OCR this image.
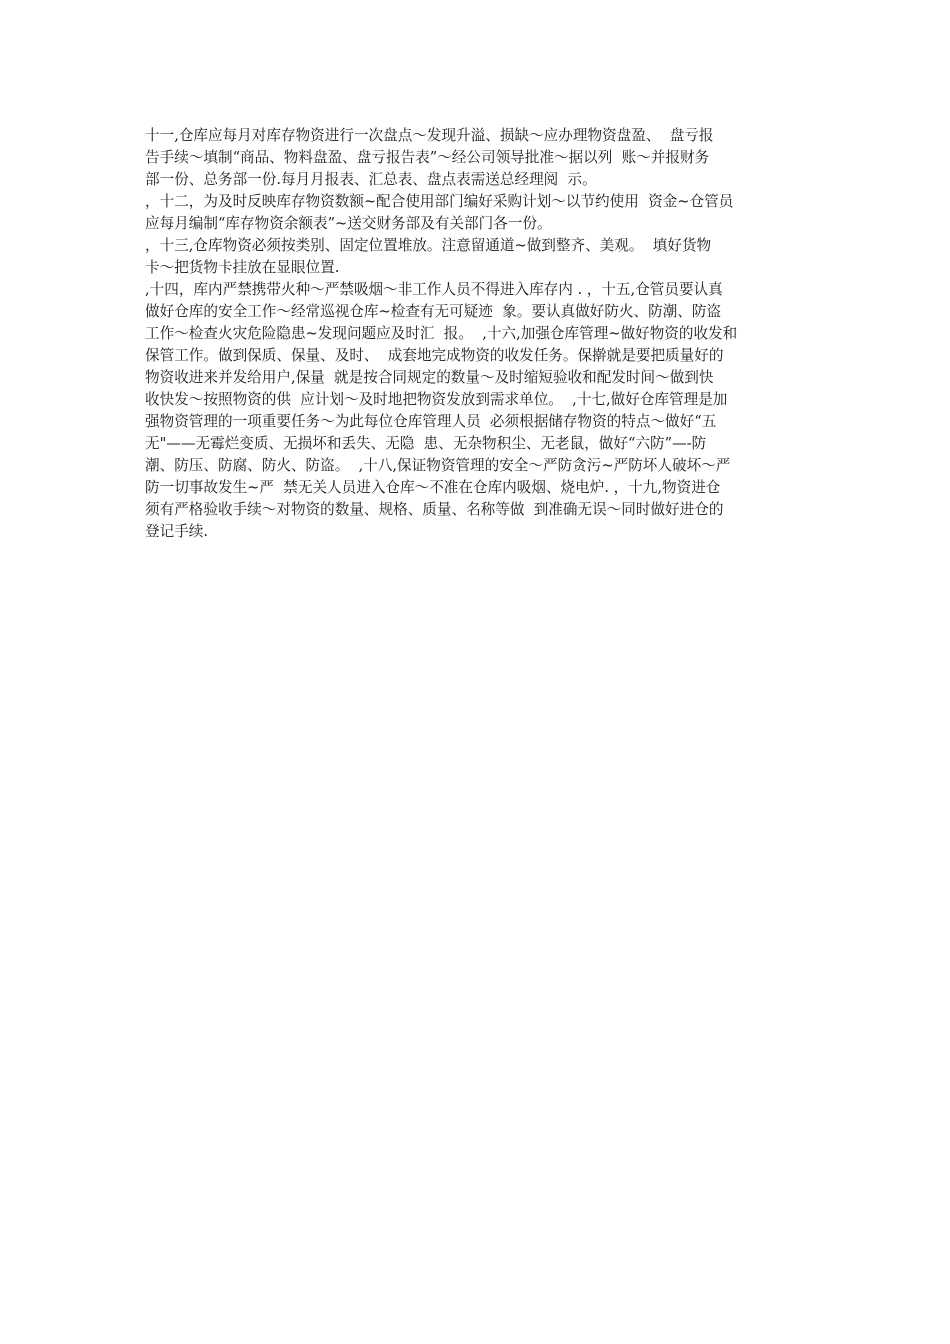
十一,仓库应每月对库存物资进行一次盘点～发现升溢、损缺～应办理物资盘盈、  盘亏报

告手续～填制“商品、物料盘盈、盘亏报告表”～经公司领导批准～据以列  账～并报财务

部一份、总务部一份.每月月报表、汇总表、盘点表需送总经理阅  示。

，十二，为及时反映库存物资数额~配合使用部门编好采购计划～以节约使用  资金~仓管员

应每月编制“库存物资余额表”~送交财务部及有关部门各一份。

，十三,仓库物资必须按类别、固定位置堆放。注意留通道~做到整齐、美观。  填好货物

卡～把货物卡挂放在显眼位置.

,十四，库内严禁携带火种～严禁吸烟～非工作人员不得进入库存内 . ，十五,仓管员要认真

做好仓库的安全工作～经常巡视仓库~检查有无可疑迹  象。要认真做好防火、防潮、防盗

工作～检查火灾危险隐患~发现问题应及时汇  报。  ,十六,加强仓库管理~做好物资的收发和

保管工作。做到保质、保量、及时、  成套地完成物资的收发任务。保擀就是要把质量好的

物资收进来并发给用户,保量  就是按合同规定的数量～及时缩短验收和配发时间～做到快

收快发～按照物资的供  应计划～及时地把物资发放到需求单位。  ,十七,做好仓库管理是加

强物资管理的一项重要任务～为此每位仓库管理人员  必须根据储存物资的特点～做好“五

无"——无霉烂变质、无损坏和丢失、无隐  患、无杂物积尘、无老鼠，做好“六防”—-防

潮、防压、防腐、防火、防盗。  ,十八,保证物资管理的安全～严防贪污~严防坏人破坏～严

防一切事故发生~严  禁无关人员进入仓库～不准在仓库内吸烟、烧电炉. ，十九,物资进仓

须有严格验收手续～对物资的数量、规格、质量、名称等做  到准确无误～同时做好进仓的

登记手续.
